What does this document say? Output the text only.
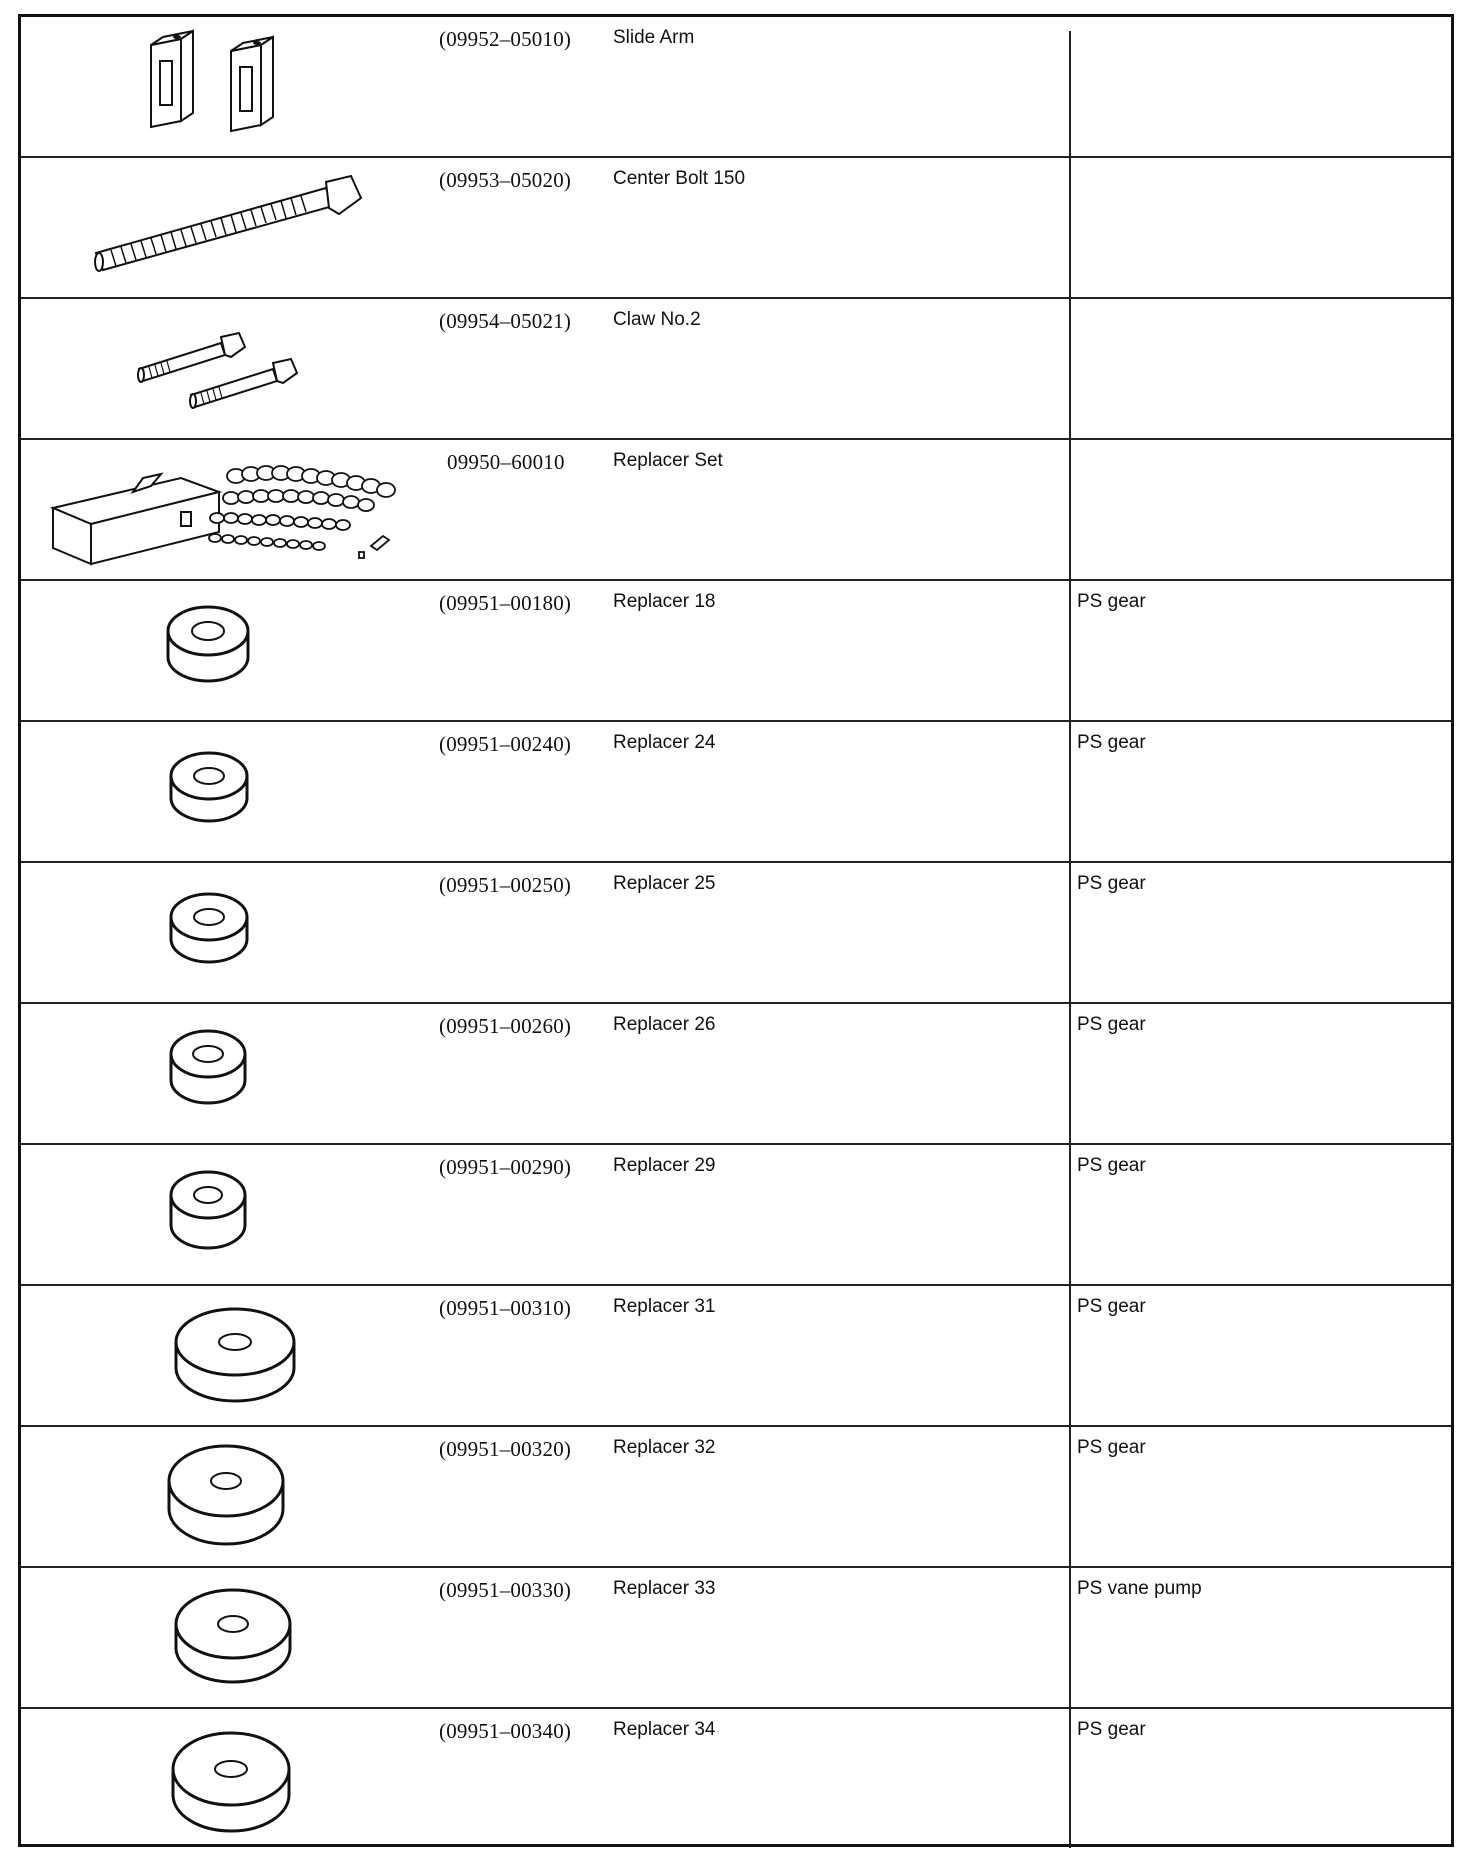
(09952–05010) Slide Arm
(09953–05020) Center Bolt 150
(09954–05021) Claw No.2
09950–60010	Replacer Set
(09951–00180) Replacer 18	PS gear
(09951–00240) Replacer 24	PS gear
(09951–00250) Replacer 25	PS gear
(09951–00260) Replacer 26	PS gear
(09951–00290) Replacer 29	PS gear
(09951–00310) Replacer 31	PS gear
(09951–00320) Replacer 32	PS gear
(09951–00330) Replacer 33	PS vane pump
(09951–00340) Replacer 34	PS gear
